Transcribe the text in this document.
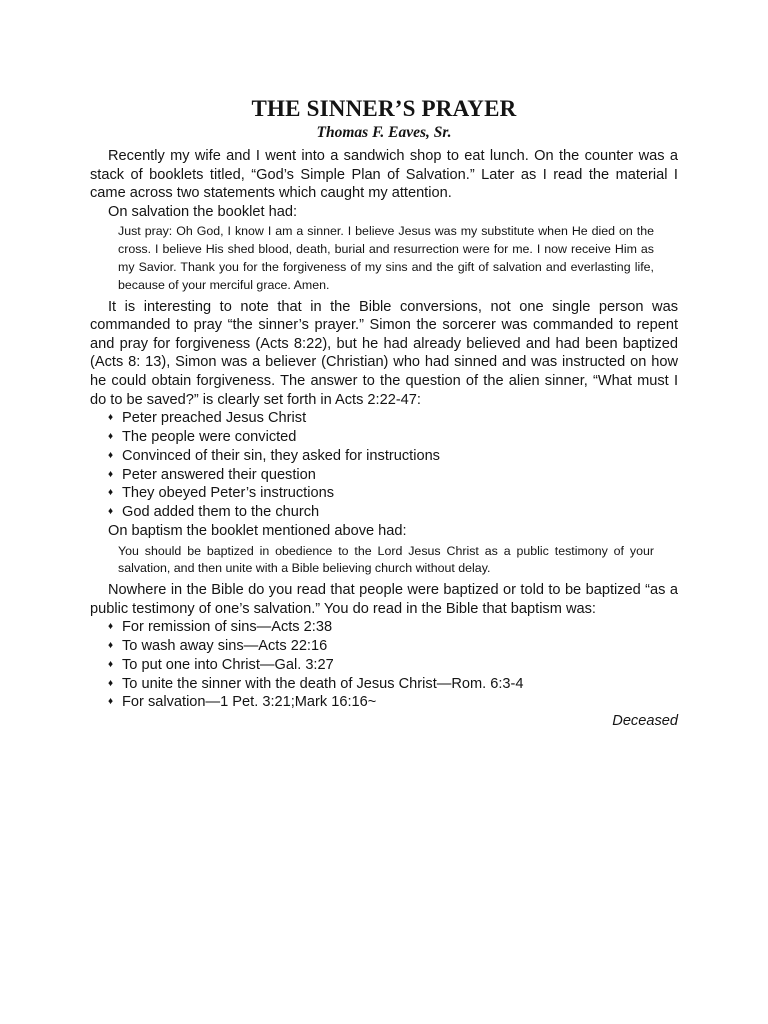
THE SINNER’S PRAYER

Thomas F. Eaves, Sr.

Recently my wife and I went into a sandwich shop to eat lunch. On the counter was a stack of booklets titled, “God’s Simple Plan of Salvation.” Later as I read the material I came across two statements which caught my attention.

On salvation the booklet had:

Just pray: Oh God, I know I am a sinner. I believe Jesus was my substitute when He died on the cross. I believe His shed blood, death, burial and resurrection were for me. I now receive Him as my Savior. Thank you for the forgiveness of my sins and the gift of salvation and everlasting life, because of your merciful grace. Amen.

It is interesting to note that in the Bible conversions, not one single person was commanded to pray “the sinner’s prayer.” Simon the sorcerer was commanded to repent and pray for forgiveness (Acts 8:22), but he had already believed and had been baptized (Acts 8: 13), Simon was a believer (Christian) who had sinned and was instructed on how he could obtain forgiveness. The answer to the question of the alien sinner, “What must I do to be saved?” is clearly set forth in Acts 2:22-47:

♦ Peter preached Jesus Christ
♦ The people were convicted
♦ Convinced of their sin, they asked for instructions
♦ Peter answered their question
♦ They obeyed Peter’s instructions
♦ God added them to the church

On baptism the booklet mentioned above had:

You should be baptized in obedience to the Lord Jesus Christ as a public testimony of your salvation, and then unite with a Bible believing church without delay.

Nowhere in the Bible do you read that people were baptized or told to be baptized “as a public testimony of one’s salvation.” You do read in the Bible that baptism was:

♦ For remission of sins—Acts 2:38
♦ To wash away sins—Acts 22:16
♦ To put one into Christ—Gal. 3:27
♦ To unite the sinner with the death of Jesus Christ—Rom. 6:3-4
♦ For salvation—1 Pet. 3:21;Mark 16:16~

Deceased
